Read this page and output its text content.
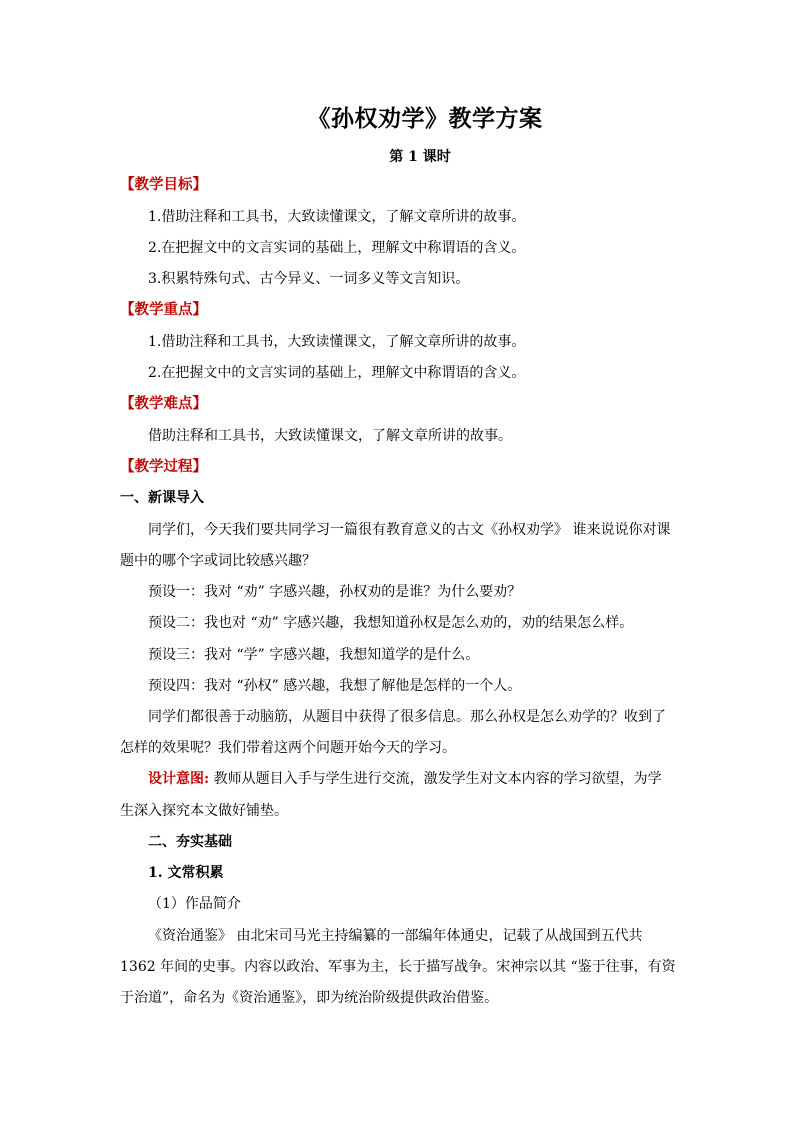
《孙权劝学》教学方案
第 1 课时
【教学目标】
1.借助注释和工具书，大致读懂课文，了解文章所讲的故事。
2.在把握文中的文言实词的基础上，理解文中称谓语的含义。
3.积累特殊句式、古今异义、一词多义等文言知识。
【教学重点】
1.借助注释和工具书，大致读懂课文，了解文章所讲的故事。
2.在把握文中的文言实词的基础上，理解文中称谓语的含义。
【教学难点】
借助注释和工具书，大致读懂课文，了解文章所讲的故事。
【教学过程】
一、新课导入
同学们，今天我们要共同学习一篇很有教育意义的古文《孙权劝学》 谁来说说你对课
题中的哪个字或词比较感兴趣？
预设一：我对 “劝” 字感兴趣，孙权劝的是谁？为什么要劝？
预设二：我也对 “劝” 字感兴趣，我想知道孙权是怎么劝的，劝的结果怎么样。
预设三：我对 “学” 字感兴趣，我想知道学的是什么。
预设四：我对 “孙权” 感兴趣，我想了解他是怎样的一个人。
同学们都很善于动脑筋，从题目中获得了很多信息。那么孙权是怎么劝学的？收到了
怎样的效果呢？我们带着这两个问题开始今天的学习。
设计意图: 教师从题目入手与学生进行交流，激发学生对文本内容的学习欲望，为学
生深入探究本文做好铺垫。
二、夯实基础
1. 文常积累
（1）作品简介
《资治通鉴》 由北宋司马光主持编纂的一部编年体通史，记载了从战国到五代共
1362 年间的史事。内容以政治、军事为主，长于描写战争。宋神宗以其 “鉴于往事，有资
于治道”，命名为《资治通鉴》，即为统治阶级提供政治借鉴。
